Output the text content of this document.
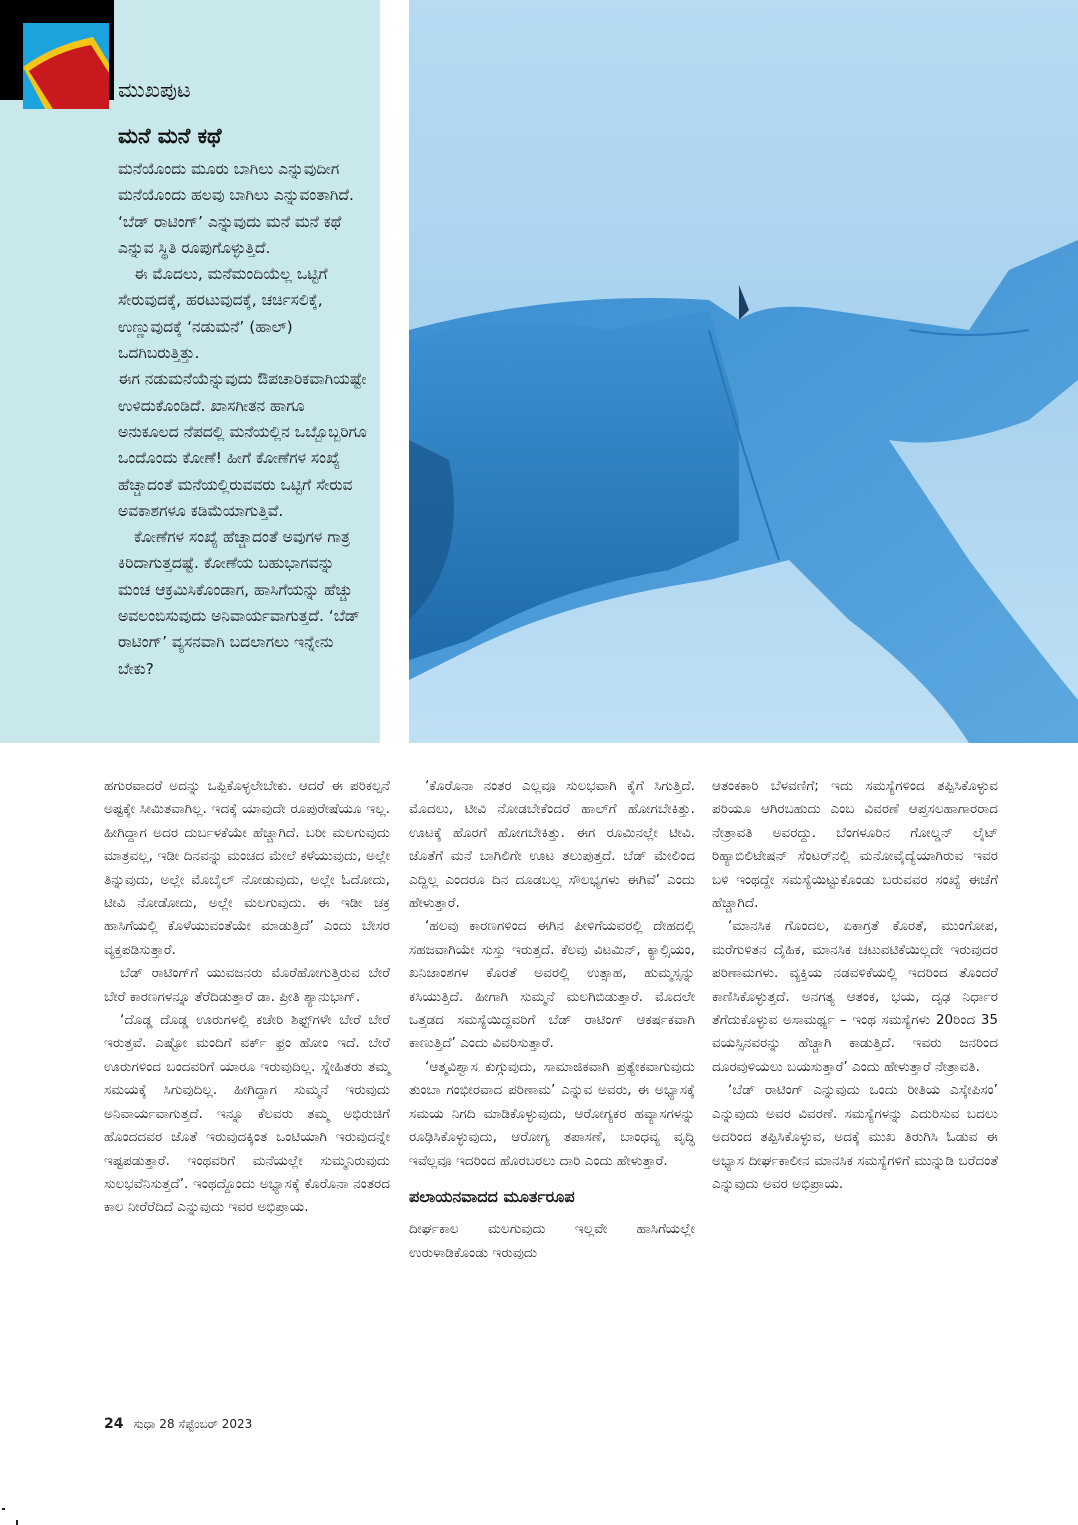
ಮುಖಪುಟ
ಮನೆ ಮನೆ ಕಥೆ

ಮನೆಯೊಂದು ಮೂರು ಬಾಗಿಲು ಎನ್ನುವುದೀಗ ಮನೆಯೊಂದು ಹಲವು ಬಾಗಿಲು ಎನ್ನುವಂತಾಗಿದೆ. ‘ಬೆಡ್ ರಾಟಿಂಗ್’ ಎನ್ನುವುದು ಮನೆ ಮನೆ ಕಥೆ ಎನ್ನುವ ಸ್ಥಿತಿ ರೂಪುಗೊಳ್ಳುತ್ತಿದೆ.

ಈ ಮೊದಲು, ಮನೆಮಂದಿಯೆಲ್ಲ ಒಟ್ಟಿಗೆ ಸೇರುವುದಕ್ಕೆ, ಹರಟುವುದಕ್ಕೆ, ಚರ್ಚಿಸಲಿಕ್ಕೆ, ಉಣ್ಣುವುದಕ್ಕೆ ‘ನಡುಮನೆ’ (ಹಾಲ್) ಒದಗಿಬರುತ್ತಿತ್ತು.

ಈಗ ನಡುಮನೆಯೆನ್ನುವುದು ಔಪಚಾರಿಕವಾಗಿಯಷ್ಟೇ ಉಳಿದುಕೊಂಡಿದೆ. ಖಾಸಗೀತನ ಹಾಗೂ ಅನುಕೂಲದ ನೆಪದಲ್ಲಿ ಮನೆಯಲ್ಲಿನ ಒಬ್ಬೊಬ್ಬರಿಗೂ ಒಂದೊಂದು ಕೋಣೆ! ಹೀಗೆ ಕೋಣೆಗಳ ಸಂಖ್ಯೆ ಹೆಚ್ಚಾದಂತೆ ಮನೆಯಲ್ಲಿರುವವರು ಒಟ್ಟಿಗೆ ಸೇರುವ ಅವಕಾಶಗಳೂ ಕಡಿಮೆಯಾಗುತ್ತಿವೆ.

ಕೋಣೆಗಳ ಸಂಖ್ಯೆ ಹೆಚ್ಚಾದಂತೆ ಅವುಗಳ ಗಾತ್ರ ಕಿರಿದಾಗುತ್ತದಷ್ಟೆ. ಕೋಣೆಯ ಬಹುಭಾಗವನ್ನು ಮಂಚ ಆಕ್ರಮಿಸಿಕೊಂಡಾಗ, ಹಾಸಿಗೆಯನ್ನು ಹೆಚ್ಚು ಅವಲಂಬಿಸುವುದು ಅನಿವಾರ್ಯವಾಗುತ್ತದೆ. ‘ಬೆಡ್ ರಾಟಿಂಗ್’ ವ್ಯಸನವಾಗಿ ಬದಲಾಗಲು ಇನ್ನೇನು ಬೇಕು?

ಹಗುರವಾದರೆ ಅದನ್ನು ಒಪ್ಪಿಕೊಳ್ಳಲೇಬೇಕು. ಆದರೆ ಈ ಪರಿಕಲ್ಪನೆ ಅಷ್ಟಕ್ಕೇ ಸೀಮಿತವಾಗಿಲ್ಲ. ಇದಕ್ಕೆ ಯಾವುದೇ ರೂಪುರೇಷೆಯೂ ಇಲ್ಲ. ಹೀಗಿದ್ದಾಗ ಅದರ ದುರ್ಬಳಕೆಯೇ ಹೆಚ್ಚಾಗಿದೆ. ಬರೀ ಮಲಗುವುದು ಮಾತ್ರವಲ್ಲ, ಇಡೀ ದಿನವನ್ನು ಮಂಚದ ಮೇಲೆ ಕಳೆಯುವುದು, ಅಲ್ಲೇ ತಿನ್ನುವುದು, ಅಲ್ಲೇ ಮೊಬೈಲ್ ನೋಡುವುದು, ಅಲ್ಲೇ ಓದೋದು, ಟೀವಿ ನೋಡೋದು, ಅಲ್ಲೇ ಮಲಗುವುದು. ಈ ಇಡೀ ಚಕ್ರ ಹಾಸಿಗೆಯಲ್ಲಿ ಕೊಳೆಯುವಂತೆಯೇ ಮಾಡುತ್ತಿದೆ’ ಎಂದು ಬೇಸರ ವ್ಯಕ್ತಪಡಿಸುತ್ತಾರೆ.

ಬೆಡ್ ರಾಟಿಂಗ್‌ಗೆ ಯುವಜನರು ಮೊರೆಹೋಗುತ್ತಿರುವ ಬೇರೆ ಬೇರೆ ಕಾರಣಗಳನ್ನೂ ತೆರೆದಿಡುತ್ತಾರೆ ಡಾ. ಪ್ರೀತಿ ಶ್ಯಾನುಭಾಗ್.

‘ದೊಡ್ಡ ದೊಡ್ಡ ಊರುಗಳಲ್ಲಿ ಕಚೇರಿ ಶಿಫ್ಟ್‌ಗಳೇ ಬೇರೆ ಬೇರೆ ಇರುತ್ತವೆ. ಎಷ್ಟೋ ಮಂದಿಗೆ ವರ್ಕ್ ಫ್ರಂ ಹೋಂ ಇದೆ. ಬೇರೆ ಊರುಗಳಿಂದ ಬಂದವರಿಗೆ ಯಾರೂ ಇರುವುದಿಲ್ಲ. ಸ್ನೇಹಿತರು ತಮ್ಮ ಸಮಯಕ್ಕೆ ಸಿಗುವುದಿಲ್ಲ. ಹೀಗಿದ್ದಾಗ ಸುಮ್ಮನೆ ಇರುವುದು ಅನಿವಾರ್ಯವಾಗುತ್ತದೆ. ಇನ್ನೂ ಕೆಲವರು ತಮ್ಮ ಅಭಿರುಚಿಗೆ ಹೊಂದದವರ ಜೊತೆ ಇರುವುದಕ್ಕಿಂತ ಒಂಟಿಯಾಗಿ ಇರುವುದನ್ನೇ ಇಷ್ಟಪಡುತ್ತಾರೆ. ಇಂಥವರಿಗೆ ಮನೆಯಲ್ಲೇ ಸುಮ್ಮನಿರುವುದು ಸುಲಭವೆನಿಸುತ್ತದೆ’. ಇಂಥದ್ದೊಂದು ಅಭ್ಯಾಸಕ್ಕೆ ಕೊರೊನಾ ನಂತರದ ಕಾಲ ನೀರೆರೆದಿದೆ ಎನ್ನುವುದು ಇವರ ಅಭಿಪ್ರಾಯ.

‘ಕೊರೊನಾ ನಂತರ ಎಲ್ಲವೂ ಸುಲಭವಾಗಿ ಕೈಗೆ ಸಿಗುತ್ತಿದೆ. ಮೊದಲು, ಟೀವಿ ನೋಡಬೇಕೆಂದರೆ ಹಾಲ್‌ಗೆ ಹೋಗಬೇಕಿತ್ತು. ಊಟಕ್ಕೆ ಹೊರಗೆ ಹೋಗಬೇಕಿತ್ತು. ಈಗ ರೂಮಿನಲ್ಲೇ ಟೀವಿ. ಜೊತೆಗೆ ಮನೆ ಬಾಗಿಲಿಗೇ ಊಟ ತಲುಪುತ್ತದೆ. ಬೆಡ್ ಮೇಲಿಂದ ಎದ್ದಿಲ್ಲ ಎಂದರೂ ದಿನ ದೂಡಬಲ್ಲ ಸೌಲಭ್ಯಗಳು ಈಗಿವೆ’ ಎಂದು ಹೇಳುತ್ತಾರೆ.

‘ಹಲವು ಕಾರಣಗಳಿಂದ ಈಗಿನ ಪೀಳಿಗೆಯವರಲ್ಲಿ ದೇಹದಲ್ಲಿ ಸಹಜವಾಗಿಯೇ ಸುಸ್ತು ಇರುತ್ತದೆ. ಕೆಲವು ವಿಟಮಿನ್, ಕ್ಯಾಲ್ಸಿಯಂ, ಖನಿಜಾಂಶಗಳ ಕೊರತೆ ಅವರಲ್ಲಿ ಉತ್ಸಾಹ, ಹುಮ್ಮಸ್ಸನ್ನು ಕಸಿಯುತ್ತಿದೆ. ಹೀಗಾಗಿ ಸುಮ್ಮನೆ ಮಲಗಿಬಿಡುತ್ತಾರೆ. ಮೊದಲೇ ಒತ್ತಡದ ಸಮಸ್ಯೆಯಿದ್ದವರಿಗೆ ಬೆಡ್ ರಾಟಿಂಗ್ ಆಕರ್ಷಕವಾಗಿ ಕಾಣುತ್ತಿದೆ’ ಎಂದು ವಿವರಿಸುತ್ತಾರೆ.

‘ಆತ್ಮವಿಶ್ವಾಸ ಕುಗ್ಗುವುದು, ಸಾಮಾಜಿಕವಾಗಿ ಪ್ರತ್ಯೇಕವಾಗುವುದು ತುಂಬಾ ಗಂಭೀರವಾದ ಪರಿಣಾಮ’ ಎನ್ನುವ ಅವರು, ಈ ಅಭ್ಯಾಸಕ್ಕೆ ಸಮಯ ನಿಗದಿ ಮಾಡಿಕೊಳ್ಳುವುದು, ಆರೋಗ್ಯಕರ ಹವ್ಯಾಸಗಳನ್ನು ರೂಢಿಸಿಕೊಳ್ಳುವುದು, ಆರೋಗ್ಯ ತಪಾಸಣೆ, ಬಾಂಧವ್ಯ ವೃದ್ಧಿ ಇವೆಲ್ಲವೂ ಇದರಿಂದ ಹೊರಬರಲು ದಾರಿ ಎಂದು ಹೇಳುತ್ತಾರೆ.

ಪಲಾಯನವಾದದ ಮೂರ್ತರೂಪ

ದೀರ್ಘಕಾಲ ಮಲಗುವುದು ಇಲ್ಲವೇ ಹಾಸಿಗೆಯಲ್ಲೇ ಉರುಳಾಡಿಕೊಂಡು ಇರುವುದು

ಆತಂಕಕಾರಿ ಬೆಳವಣಿಗೆ; ಇದು ಸಮಸ್ಯೆಗಳಿಂದ ತಪ್ಪಿಸಿಕೊಳ್ಳುವ ಪರಿಯೂ ಆಗಿರಬಹುದು ಎಂಬ ವಿವರಣೆ ಆಪ್ತಸಲಹಾಗಾರರಾದ ನೇತ್ರಾವತಿ ಅವರದ್ದು. ಬೆಂಗಳೂರಿನ ಗೋಲ್ಡನ್ ಲೈಟ್ ರಿಹ್ಯಾಬಿಲಿಟೇಷನ್ ಸೆಂಟರ್‌ನಲ್ಲಿ ಮನೋವೈದ್ಯೆಯಾಗಿರುವ ಇವರ ಬಳಿ ಇಂಥದ್ದೇ ಸಮಸ್ಯೆಯಿಟ್ಟುಕೊಂಡು ಬರುವವರ ಸಂಖ್ಯೆ ಈಚೆಗೆ ಹೆಚ್ಚಾಗಿದೆ.

‘ಮಾನಸಿಕ ಗೊಂದಲ, ಏಕಾಗ್ರತೆ ಕೊರತೆ, ಮುಂಗೋಪ, ಮರೆಗುಳಿತನ ದೈಹಿಕ, ಮಾನಸಿಕ ಚಟುವಟಿಕೆಯಿಲ್ಲದೇ ಇರುವುದರ ಪರಿಣಾಮಗಳು. ವ್ಯಕ್ತಿಯ ನಡವಳಿಕೆಯಲ್ಲಿ ಇದರಿಂದ ತೊಂದರೆ ಕಾಣಿಸಿಕೊಳ್ಳುತ್ತದೆ. ಅನಗತ್ಯ ಆತಂಕ, ಭಯ, ದೃಢ ನಿರ್ಧಾರ ತೆಗೆದುಕೊಳ್ಳುವ ಅಸಾಮರ್ಥ್ಯ – ಇಂಥ ಸಮಸ್ಯೆಗಳು 20ರಿಂದ 35 ವಯಸ್ಸಿನವರನ್ನು ಹೆಚ್ಚಾಗಿ ಕಾಡುತ್ತಿದೆ. ಇವರು ಜನರಿಂದ ದೂರವುಳಿಯಲು ಬಯಸುತ್ತಾರೆ’ ಎಂದು ಹೇಳುತ್ತಾರೆ ನೇತ್ರಾವತಿ.

‘ಬೆಡ್ ರಾಟಿಂಗ್ ಎನ್ನುವುದು ಒಂದು ರೀತಿಯ ಎಸ್ಕೇಪಿಸಂ’ ಎನ್ನುವುದು ಅವರ ವಿವರಣೆ. ಸಮಸ್ಯೆಗಳನ್ನು ಎದುರಿಸುವ ಬದಲು ಅದರಿಂದ ತಪ್ಪಿಸಿಕೊಳ್ಳುವ, ಅದಕ್ಕೆ ಮುಖ ತಿರುಗಿಸಿ ಓಡುವ ಈ ಅಭ್ಯಾಸ ದೀರ್ಘಕಾಲೀನ ಮಾನಸಿಕ ಸಮಸ್ಯೆಗಳಿಗೆ ಮುನ್ನುಡಿ ಬರೆದಂತೆ ಎನ್ನುವುದು ಅವರ ಅಭಿಪ್ರಾಯ.

24 ಸುಧಾ 28 ಸೆಪ್ಟೆಂಬರ್ 2023
